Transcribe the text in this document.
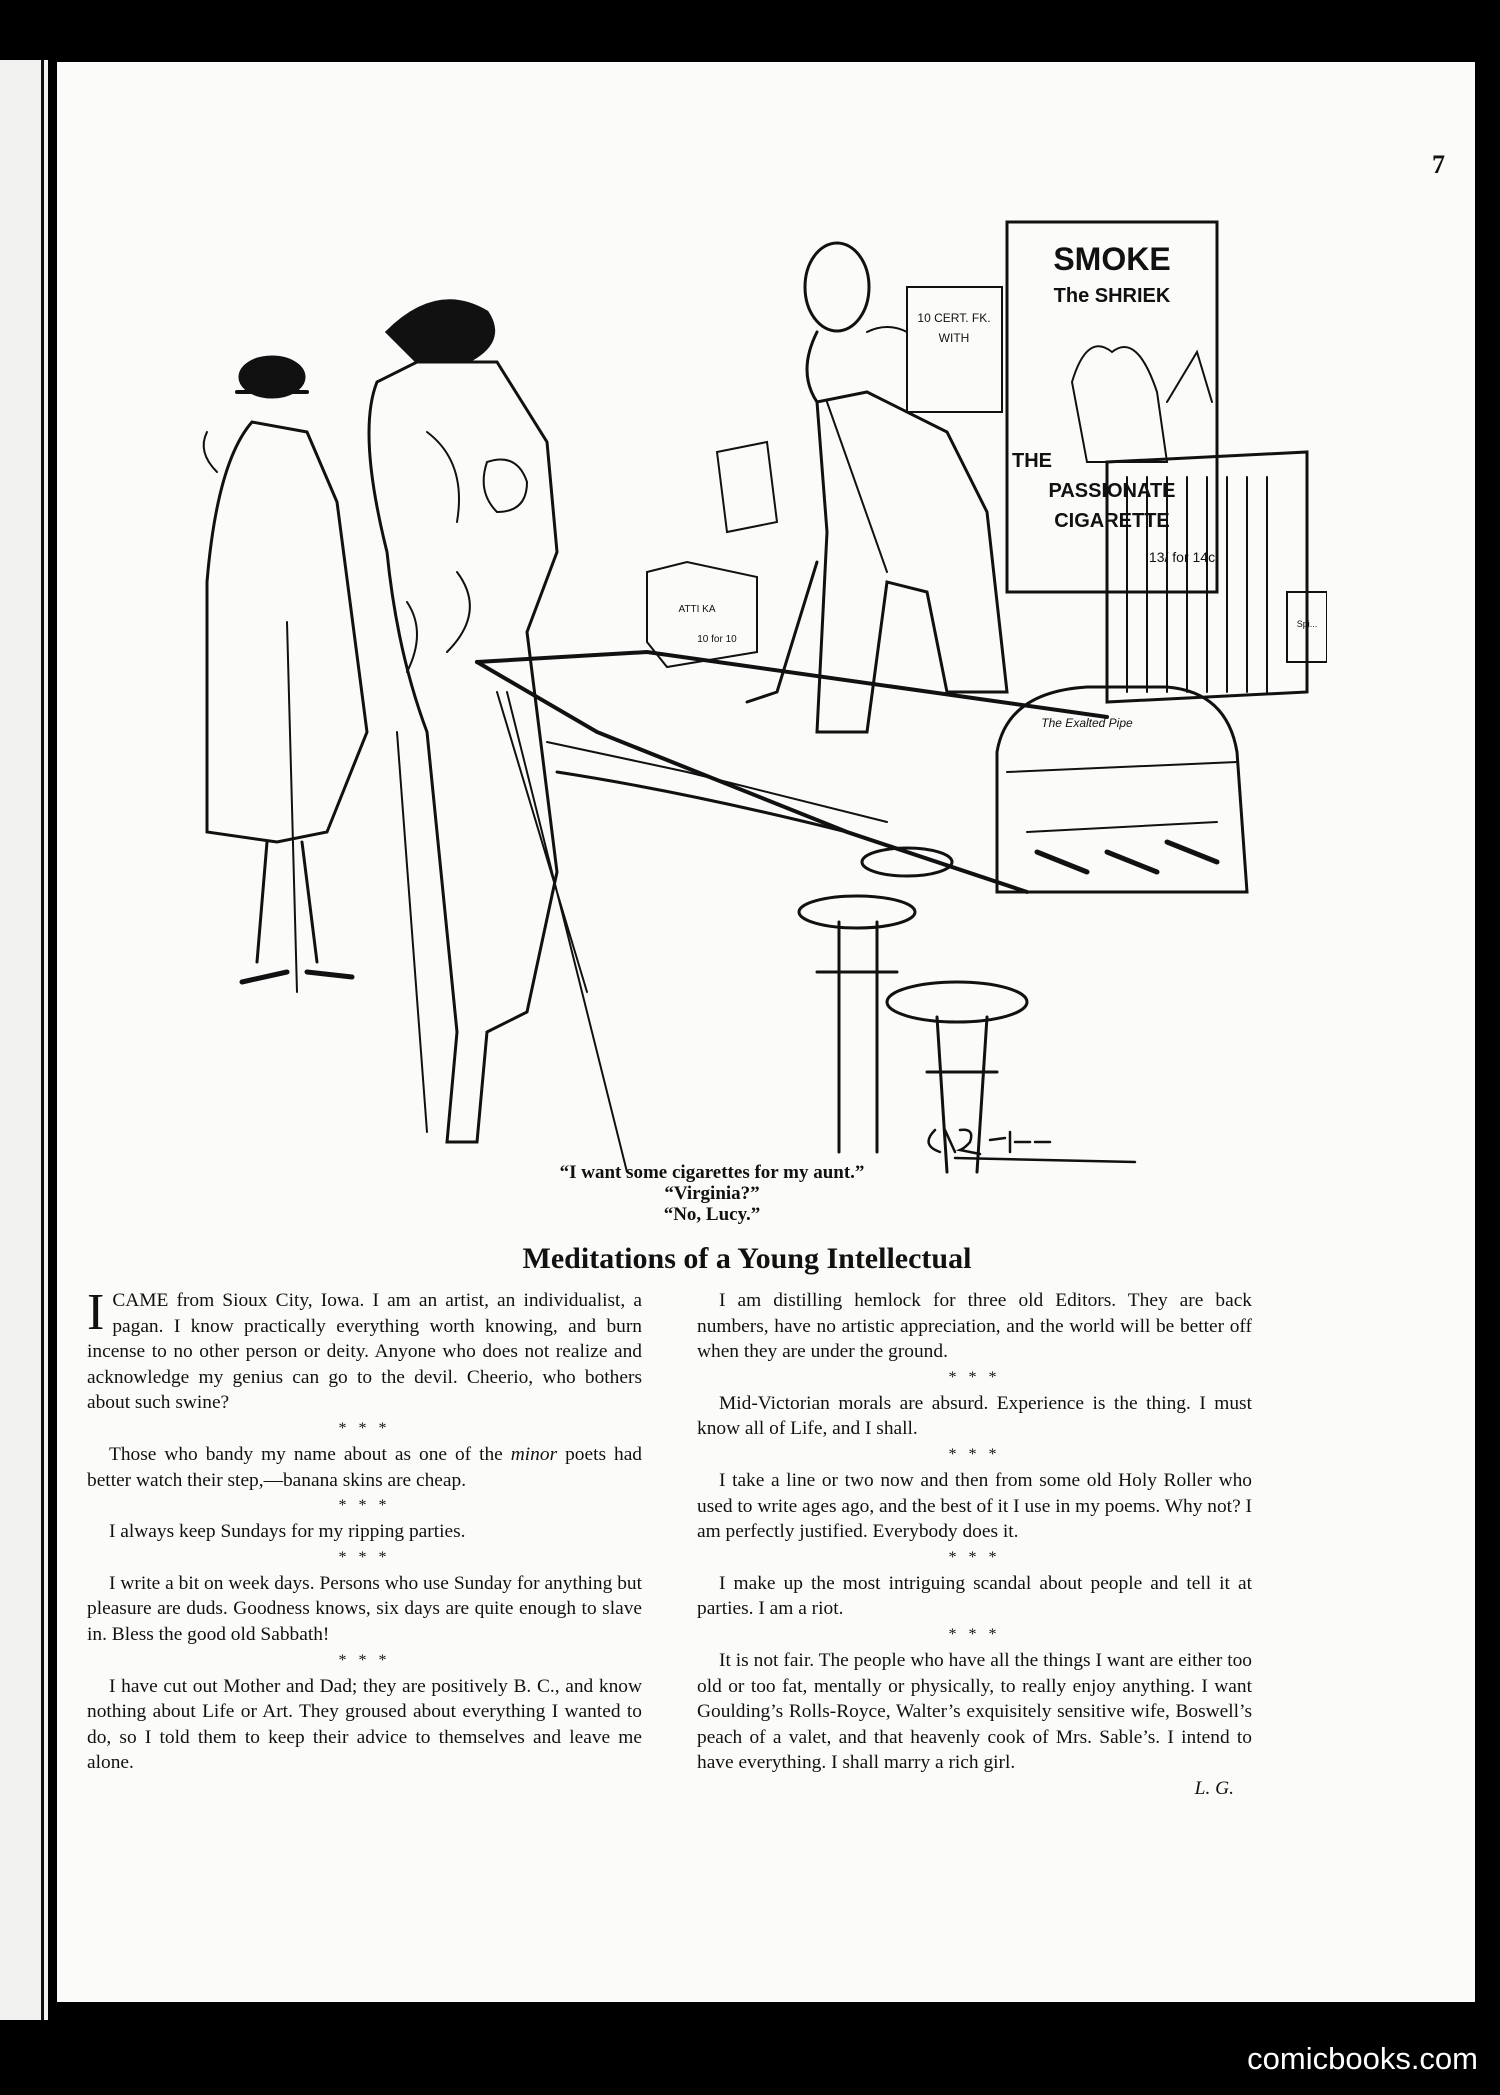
7
SMOKE
The SHRIEK
THE
PASSIONATE
CIGARETTE
13/ for 14c
10 CERT. FK.
WITH
ATTI KA
10 for 10
The Exalted Pipe
Spi...
“I want some cigarettes for my aunt.”
“Virginia?”
“No, Lucy.”
Meditations of a Young Intellectual

ICAME from Sioux City, Iowa. I am an artist, an individualist, a pagan. I know practically everything worth knowing, and burn incense to no other person or deity. Anyone who does not realize and acknowledge my genius can go to the devil. Cheerio, who bothers about such swine?

* * *

Those who bandy my name about as one of the minor poets had better watch their step,—banana skins are cheap.

* * *

I always keep Sundays for my ripping parties.

* * *

I write a bit on week days. Persons who use Sunday for anything but pleasure are duds. Goodness knows, six days are quite enough to slave in. Bless the good old Sabbath!

* * *

I have cut out Mother and Dad; they are positively B. C., and know nothing about Life or Art. They groused about everything I wanted to do, so I told them to keep their advice to themselves and leave me alone.

I am distilling hemlock for three old Editors. They are back numbers, have no artistic appreciation, and the world will be better off when they are under the ground.

* * *

Mid-Victorian morals are absurd. Experience is the thing. I must know all of Life, and I shall.

* * *

I take a line or two now and then from some old Holy Roller who used to write ages ago, and the best of it I use in my poems. Why not? I am perfectly justified. Everybody does it.

* * *

I make up the most intriguing scandal about people and tell it at parties. I am a riot.

* * *

It is not fair. The people who have all the things I want are either too old or too fat, mentally or physically, to really enjoy anything. I want Goulding’s Rolls-Royce, Walter’s exquisitely sensitive wife, Boswell’s peach of a valet, and that heavenly cook of Mrs. Sable’s. I intend to have everything. I shall marry a rich girl.

L. G.
comicbooks.com
